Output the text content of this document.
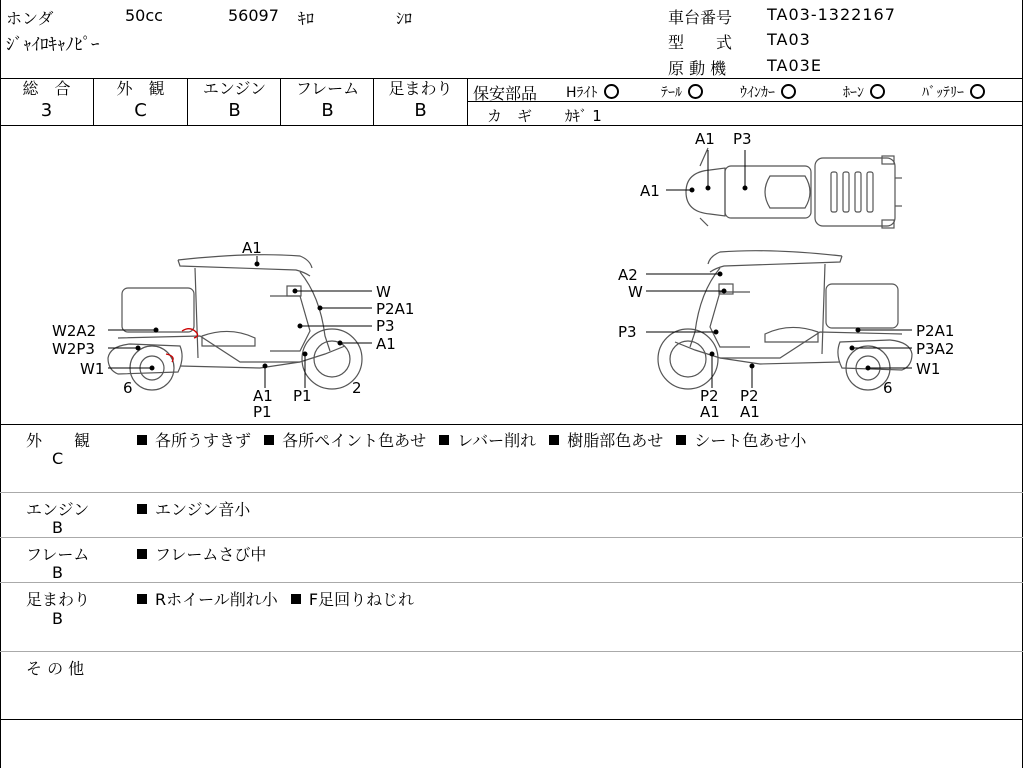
ホンダ	50cc	56097 ｷﾛ	ｼﾛ
ｼﾞｬｲﾛｷｬﾉﾋﾟｰ
車台番号 TA03-1322167
型　　式 TA03
原 動 機	TA03E
総　合
3
外　観
C
エンジン
B
フレーム
B
足まわり
B
保安部品 Hﾗｲﾄ	ﾃｰﾙ	ｳｲﾝｶｰ	ﾎｰﾝ	ﾊﾞｯﾃﾘｰ
カ　ギ ｶｷﾞ 1
A1 P3
A1
A1
W
P2A1
P3
A1
W2A2
W2P3
W1
6	A1
P1
P1	2
A2
W
P3	P2A1
P3A2
W1
6
P2
A1
P2
A1
外　　観
C
各所うすきず 各所ペイント色あせ レバー削れ 樹脂部色あせ シート色あせ小
エンジン
B
エンジン音小
フレーム
B
フレームさび中
足まわり
B
Rホイール削れ小 F足回りねじれ
そ の 他
